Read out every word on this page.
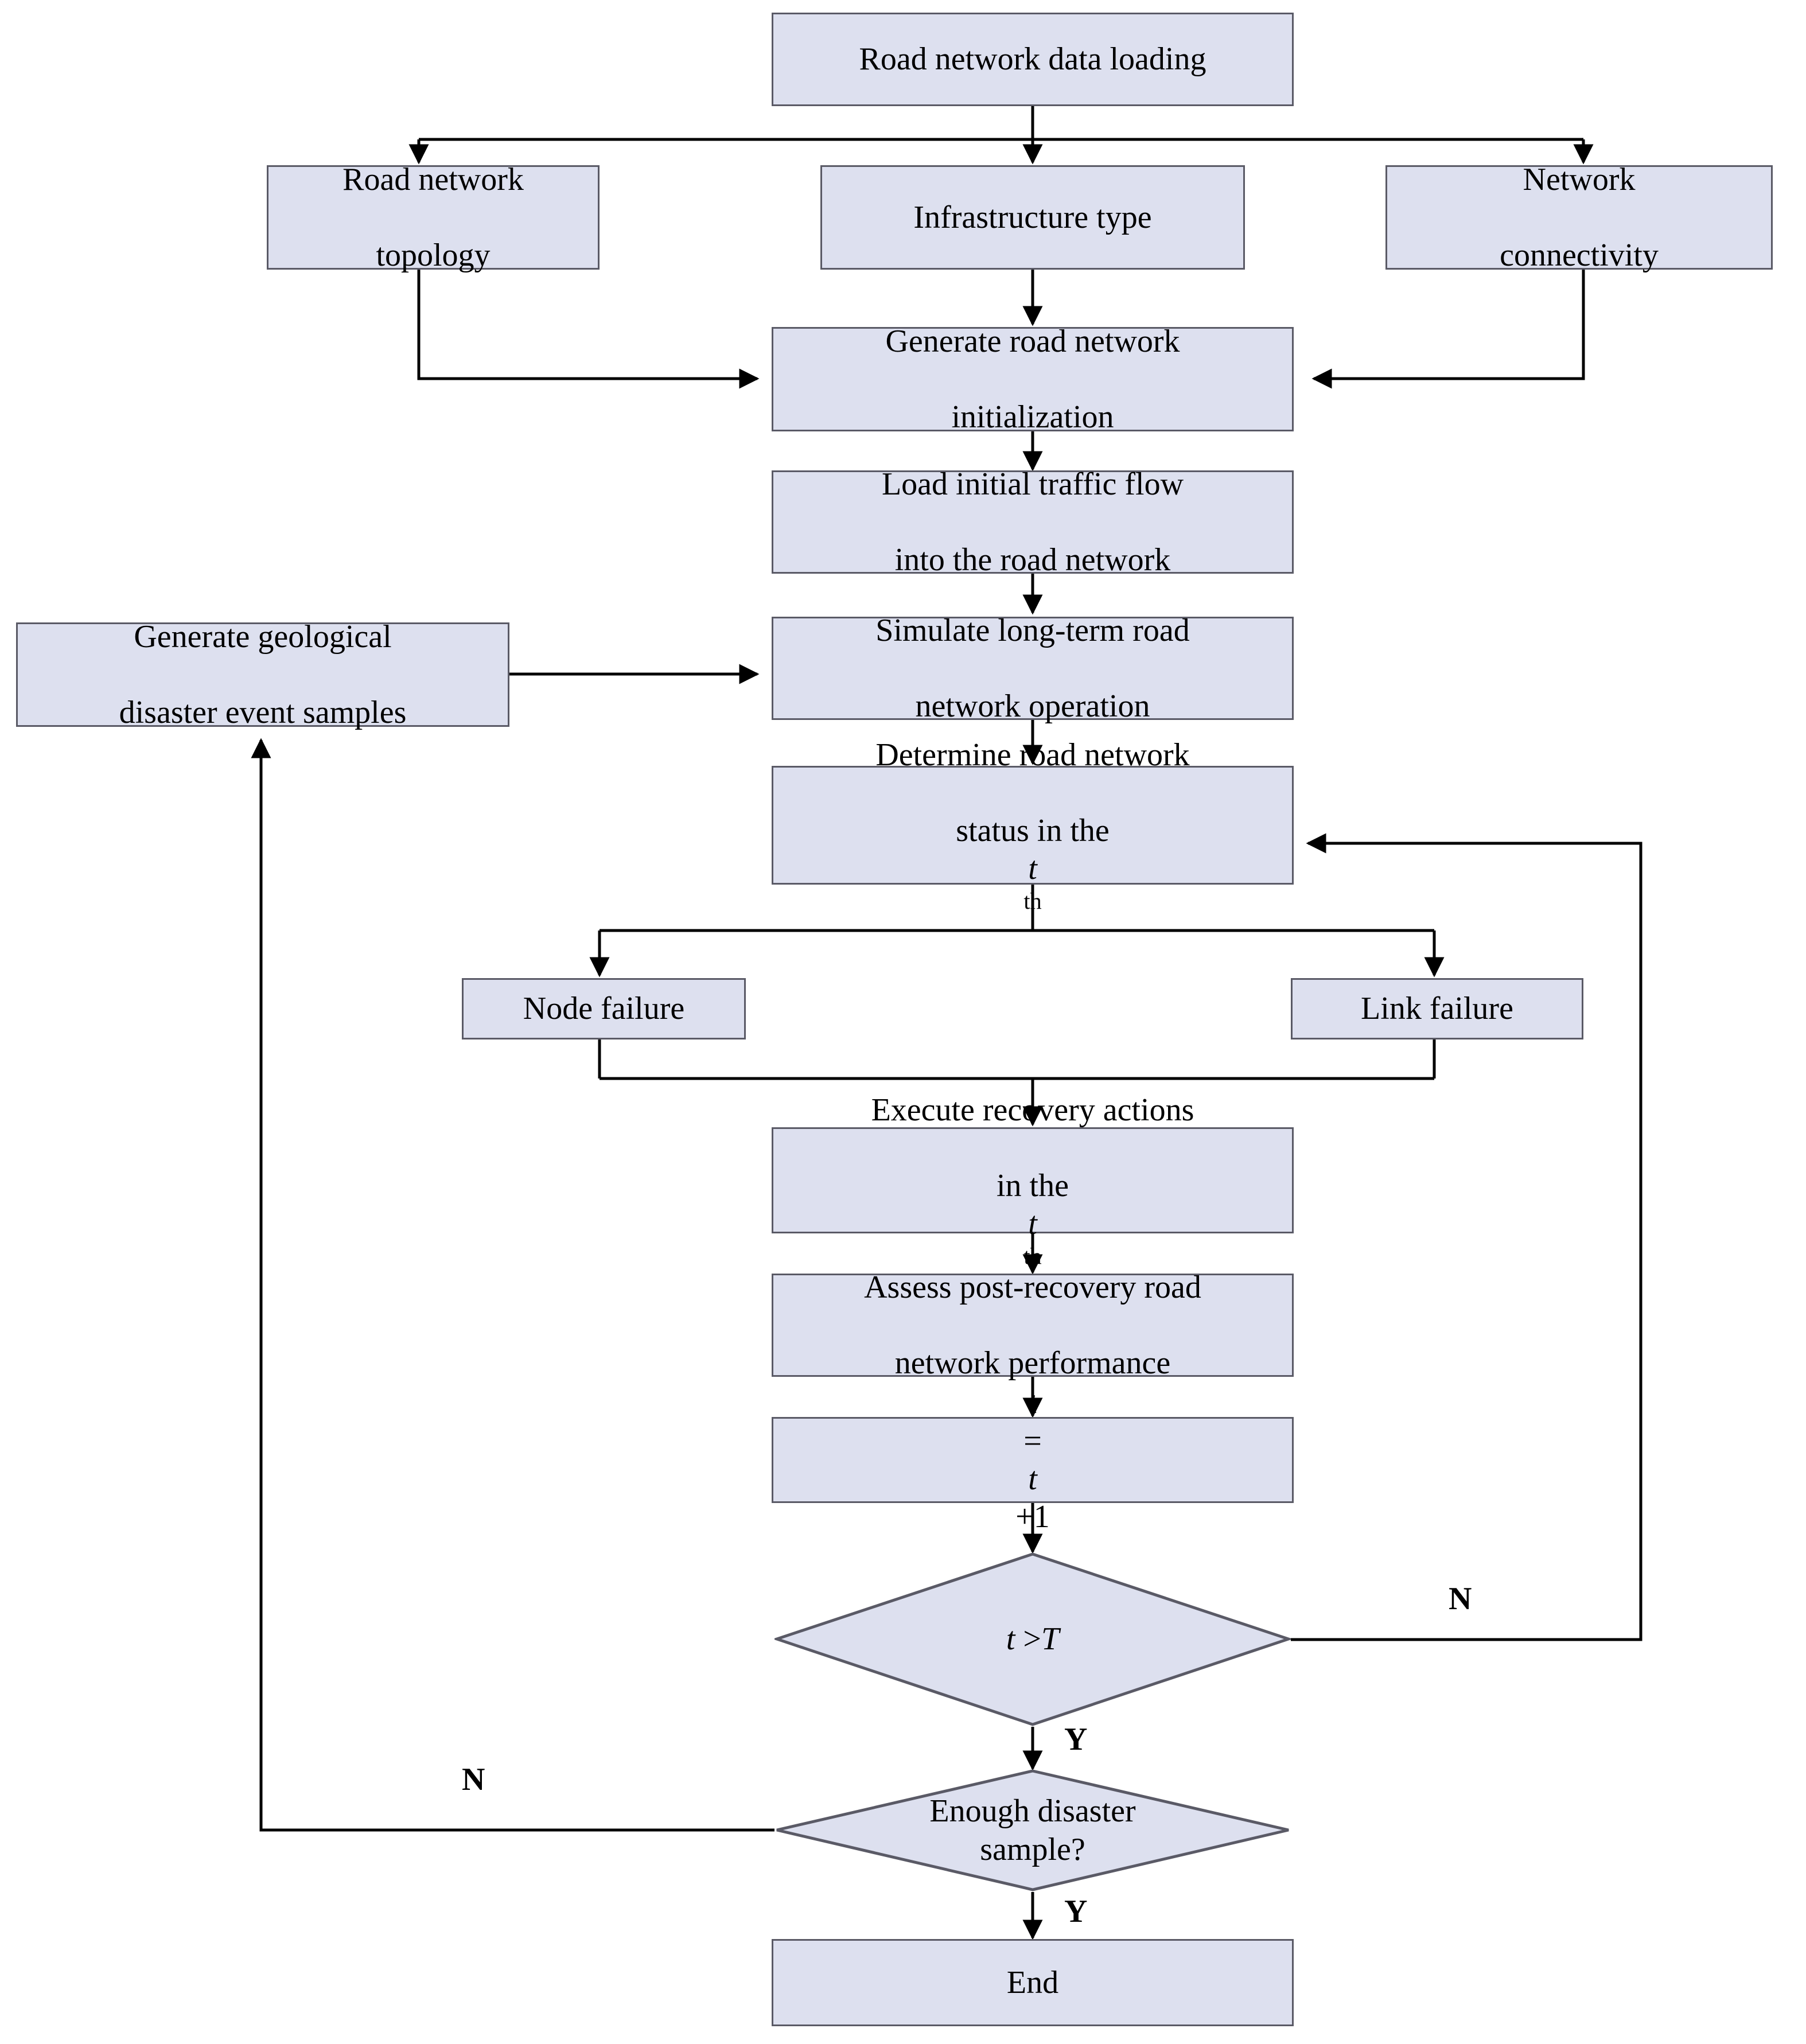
Road network data loading
Road network

topology
Infrastructure type
Network

connectivity
Generate road network

initialization
Load initial traffic flow

into the road network
Simulate long-term road

network operation
Generate geological

disaster event samples
Determine road network

status in the
t
th
Node failure	Link failure
Execute recovery actions

in the
t
th
Assess post-recovery road

network performance
t
=
t
+1
t >T
Enough disaster
sample?
End
N
Y
N
Y
